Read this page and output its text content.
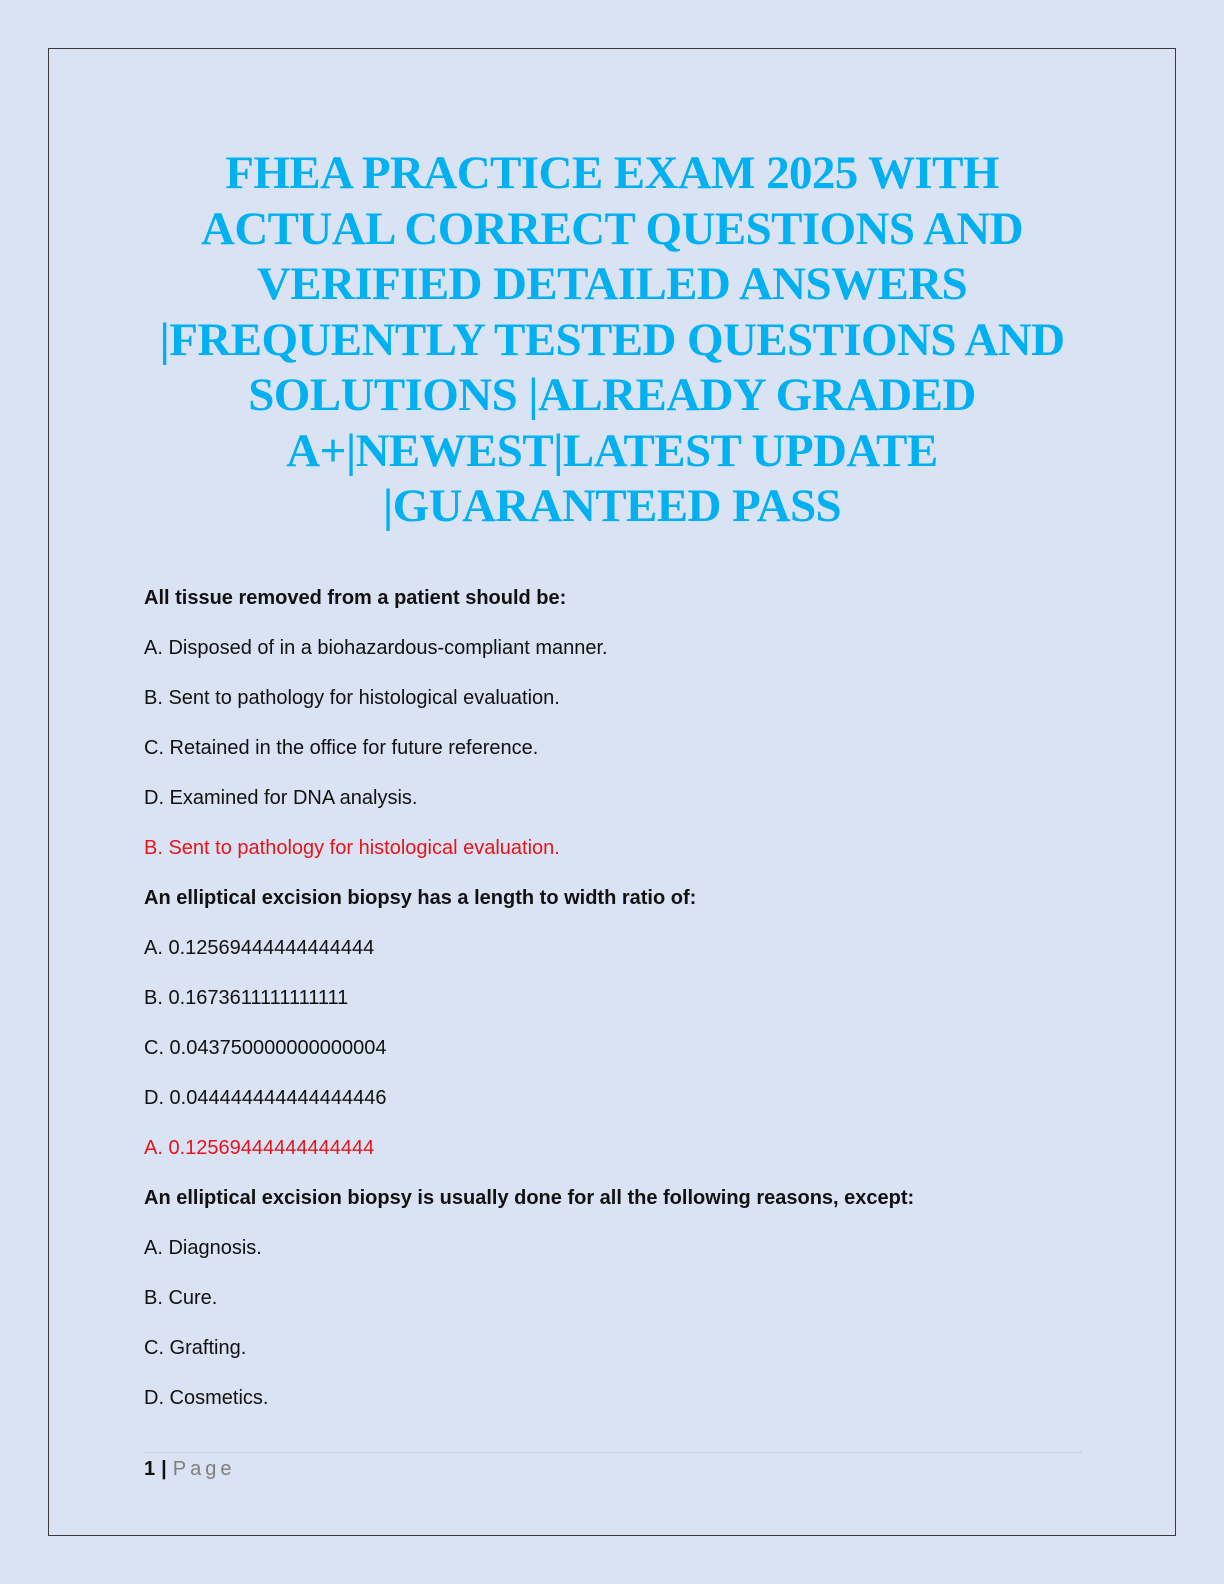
FHEA PRACTICE EXAM 2025 WITH
ACTUAL CORRECT QUESTIONS AND
VERIFIED DETAILED ANSWERS
|FREQUENTLY TESTED QUESTIONS AND
SOLUTIONS |ALREADY GRADED
A+|NEWEST|LATEST UPDATE
|GUARANTEED PASS

All tissue removed from a patient should be:

A. Disposed of in a biohazardous-compliant manner.

B. Sent to pathology for histological evaluation.

C. Retained in the office for future reference.

D. Examined for DNA analysis.

B. Sent to pathology for histological evaluation.

An elliptical excision biopsy has a length to width ratio of:

A. 0.12569444444444444

B. 0.1673611111111111

C. 0.043750000000000004

D. 0.044444444444444446

A. 0.12569444444444444

An elliptical excision biopsy is usually done for all the following reasons, except:

A. Diagnosis.

B. Cure.

C. Grafting.

D. Cosmetics.

1 | Page
